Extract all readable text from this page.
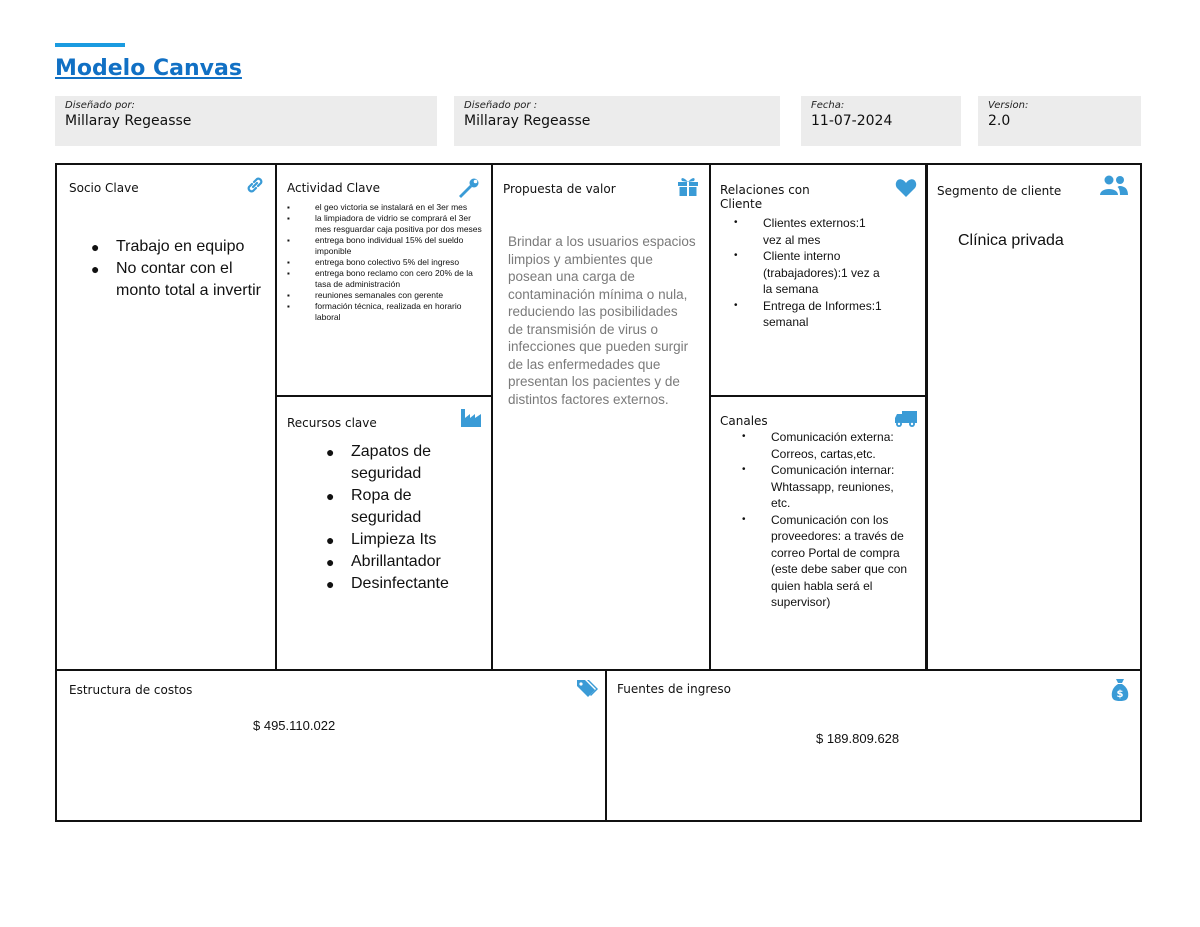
Modelo Canvas
Diseñado por:
Millaray Regeasse
Diseñado por :
Millaray Regeasse
Fecha:
11-07-2024
Version:
2.0
Socio Clave
● Trabajo en equipo
● No contar con el monto total a invertir
Actividad Clave
▪	el geo victoria se instalará en el 3er mes
▪	la limpiadora de vidrio se comprará el 3er mes resguardar caja positiva por dos meses
▪	entrega bono individual 15% del sueldo imponible
▪	entrega bono colectivo 5% del ingreso
▪	entrega bono reclamo con cero 20% de la tasa de administración
▪	reuniones semanales con gerente
▪	formación técnica, realizada en horario laboral
Recursos clave
● Zapatos de seguridad
● Ropa de seguridad
● Limpieza Its
● Abrillantador
● Desinfectante
Propuesta de valor
Brindar a los usuarios espacios limpios y ambientes que posean una carga de contaminación mínima o nula, reduciendo las posibilidades de transmisión de virus o infecciones que pueden surgir de las enfermedades que presentan los pacientes y de distintos factores externos.
Relaciones con Cliente
• Clientes externos:1 vez al mes
• Cliente interno (trabajadores):1 vez a la semana
• Entrega de Informes:1 semanal
Canales
• Comunicación externa: Correos, cartas,etc.
• Comunicación internar: Whtassapp, reuniones, etc.
• Comunicación con los proveedores: a través de correo Portal de compra (este debe saber que con quien habla será el supervisor)
Segmento de cliente
Clínica privada
Estructura de costos
$ 495.110.022
Fuentes de ingreso	$
$ 189.809.628
